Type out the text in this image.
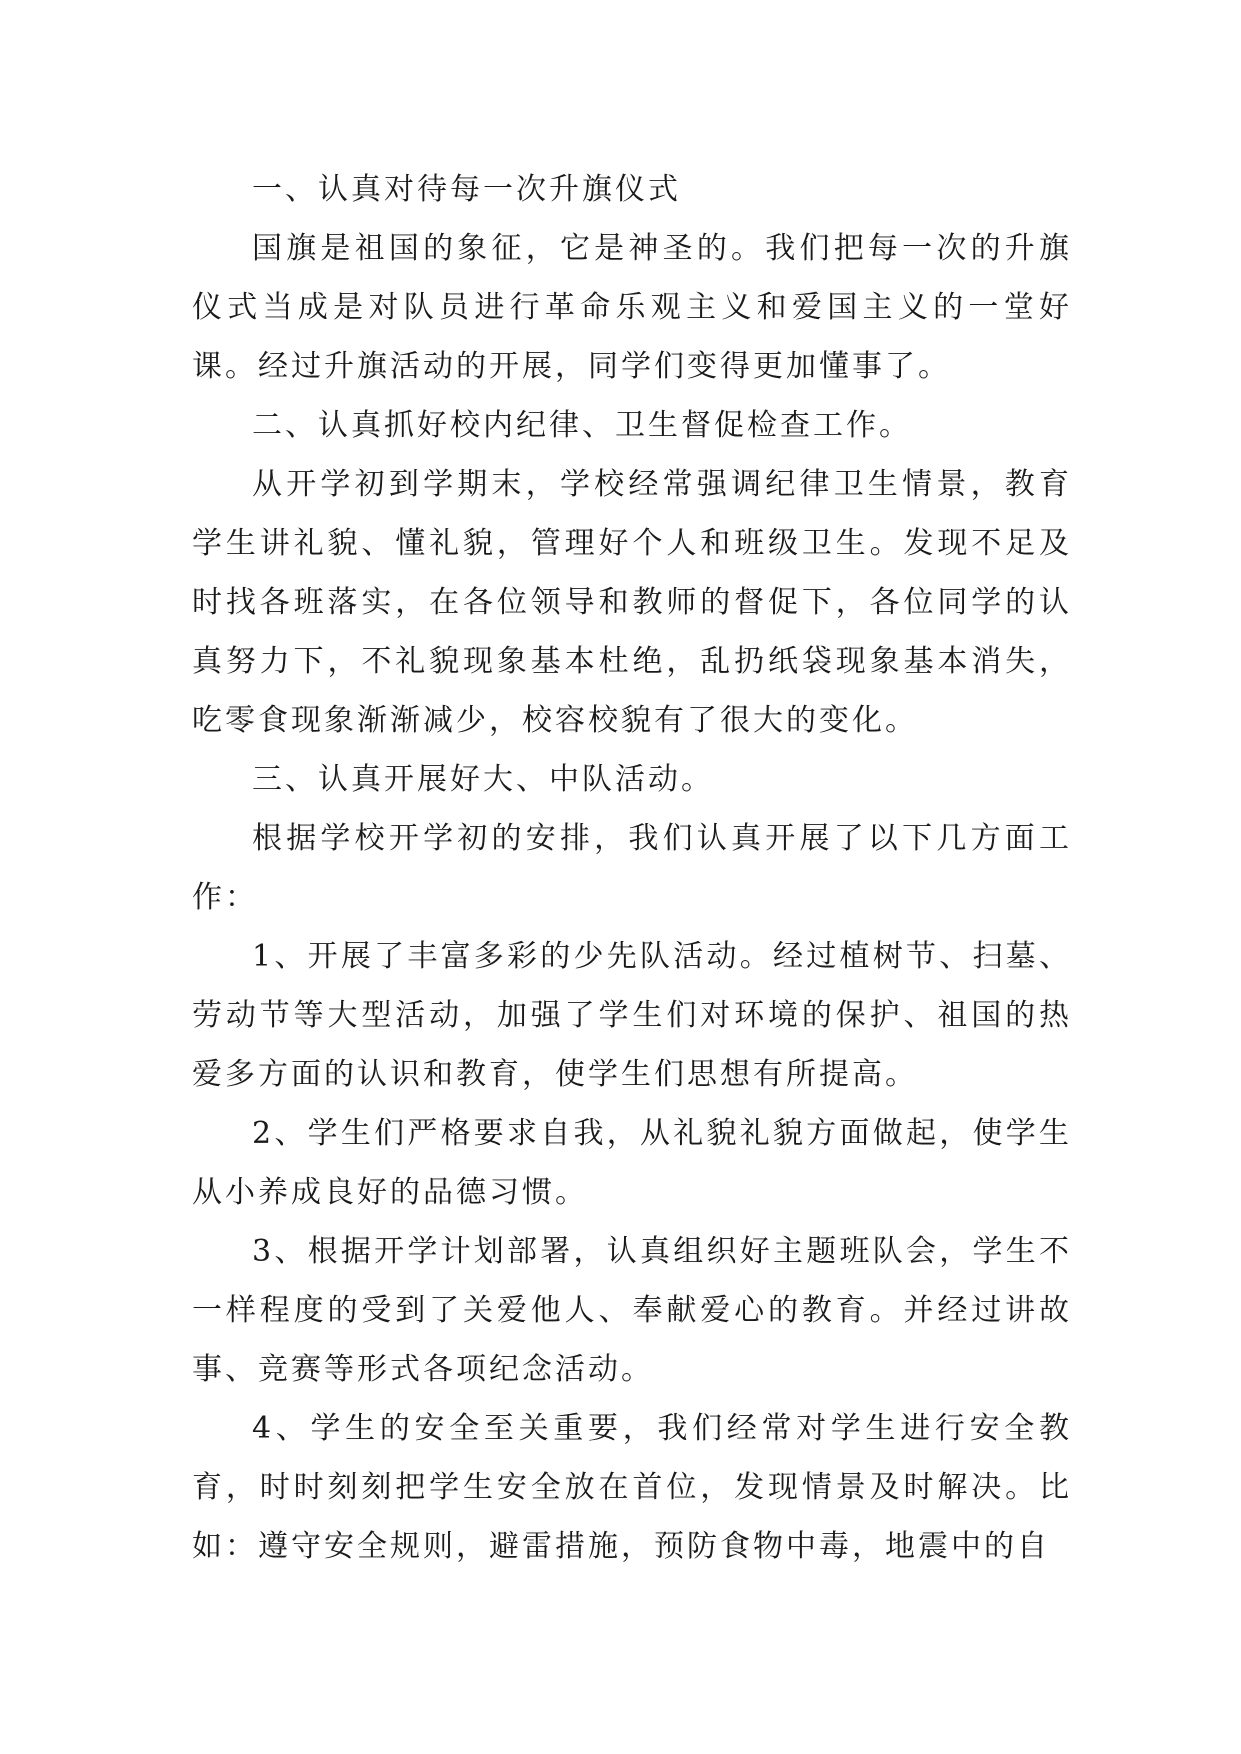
一、认真对待每一次升旗仪式

国旗是祖国的象征，它是神圣的。我们把每一次的升旗仪式当成是对队员进行革命乐观主义和爱国主义的一堂好课。经过升旗活动的开展，同学们变得更加懂事了。

二、认真抓好校内纪律、卫生督促检查工作。

从开学初到学期末，学校经常强调纪律卫生情景，教育学生讲礼貌、懂礼貌，管理好个人和班级卫生。发现不足及时找各班落实，在各位领导和教师的督促下，各位同学的认真努力下，不礼貌现象基本杜绝，乱扔纸袋现象基本消失，吃零食现象渐渐减少，校容校貌有了很大的变化。

三、认真开展好大、中队活动。

根据学校开学初的安排，我们认真开展了以下几方面工作：

1、开展了丰富多彩的少先队活动。经过植树节、扫墓、劳动节等大型活动，加强了学生们对环境的保护、祖国的热爱多方面的认识和教育，使学生们思想有所提高。

2、学生们严格要求自我，从礼貌礼貌方面做起，使学生从小养成良好的品德习惯。

3、根据开学计划部署，认真组织好主题班队会，学生不一样程度的受到了关爱他人、奉献爱心的教育。并经过讲故事、竞赛等形式各项纪念活动。

4、学生的安全至关重要，我们经常对学生进行安全教育，时时刻刻把学生安全放在首位，发现情景及时解决。比如：遵守安全规则，避雷措施，预防食物中毒，地震中的自
